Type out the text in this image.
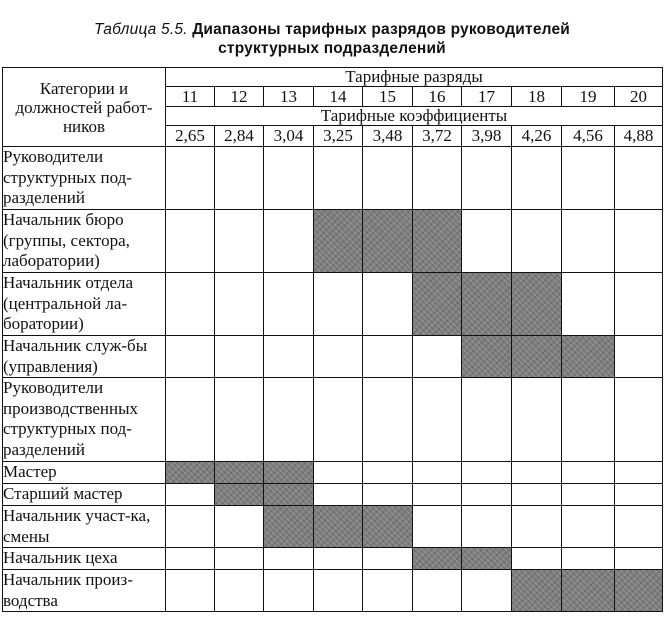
Таблица 5.5. Диапазоны тарифных разрядов руководителей
структурных подразделений
Категории и должностей работ-ников	Тарифные разряды									
	11	12	13	14	15	16	17	18	19	20
	Тарифные коэффициенты									
	2,65	2,84	3,04	3,25	3,48	3,72	3,98	4,26	4,56	4,88
Руководители структурных под-разделений										
Начальник бюро (группы, сектора, лаборатории)										
Начальник отдела (центральной ла-боратории)										
Начальник служ-бы (управления)										
Руководители производственных структурных под-разделений										
Мастер										
Старший мастер										
Начальник участ-ка, смены										
Начальник цеха										
Начальник произ-водства										
